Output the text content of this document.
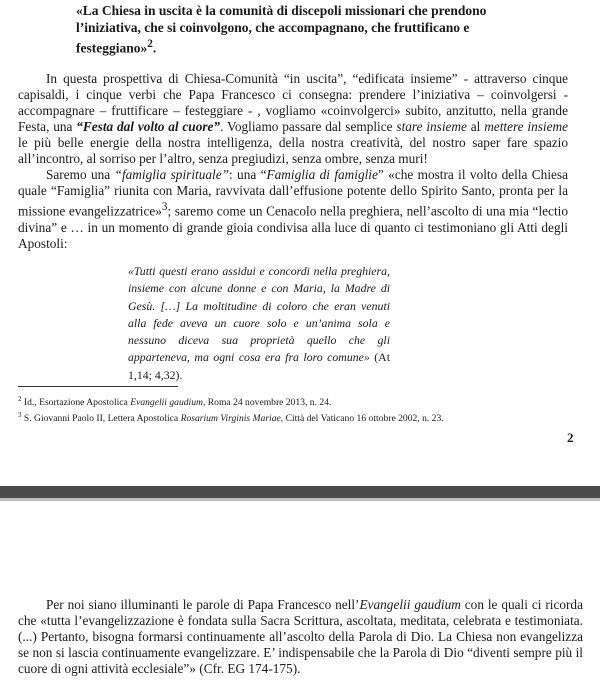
«La Chiesa in uscita è la comunità di discepoli missionari che prendono l’iniziativa, che si coinvolgono, che accompagnano, che fruttificano e festeggiano»$^2$.
In questa prospettiva di Chiesa-Comunità “in uscita”, “edificata insieme” - attraverso cinque capisaldi, i cinque verbi che Papa Francesco ci consegna: prendere l’iniziativa – coinvolgersi - accompagnare – fruttificare – festeggiare - , vogliamo «coinvolgerci» subito, anzitutto, nella grande Festa, una “Festa dal volto al cuore”. Vogliamo passare dal semplice stare insieme al mettere insieme le più belle energie della nostra intelligenza, della nostra creatività, del nostro saper fare spazio all’incontro, al sorriso per l’altro, senza pregiudizi, senza ombre, senza muri!
Saremo una “famiglia spirituale”: una “Famiglia di famiglie” «che mostra il volto della Chiesa quale “Famiglia” riunita con Maria, ravvivata dall’effusione potente dello Spirito Santo, pronta per la missione evangelizzatrice»$^3$; saremo come un Cenacolo nella preghiera, nell’ascolto di una mia “lectio divina” e … in un momento di grande gioia condivisa alla luce di quanto ci testimoniano gli Atti degli Apostoli:
«Tutti questi erano assidui e concordi nella preghiera, insieme con alcune donne e con Maria, la Madre di Gesù. […] La moltitudine di coloro che eran venuti alla fede aveva un cuore solo e un’anima sola e nessuno diceva sua proprietà quello che gli apparteneva, ma ogni cosa era fra loro comune» (At 1,14; 4,32).
$^2$ Id., Esortazione Apostolica Evangelii gaudium, Roma 24 novembre 2013, n. 24.
$^3$ S. Giovanni Paolo II, Lettera Apostolica Rosarium Virginis Mariae, Città del Vaticano 16 ottobre 2002, n. 23.
2
Per noi siano illuminanti le parole di Papa Francesco nell’Evangelii gaudium con le quali ci ricorda che «tutta l’evangelizzazione è fondata sulla Sacra Scrittura, ascoltata, meditata, celebrata e testimoniata. (...) Pertanto, bisogna formarsi continuamente all’ascolto della Parola di Dio. La Chiesa non evangelizza se non si lascia continuamente evangelizzare. E’ indispensabile che la Parola di Dio “diventi sempre più il cuore di ogni attività ecclesiale”» (Cfr. EG 174-175).
